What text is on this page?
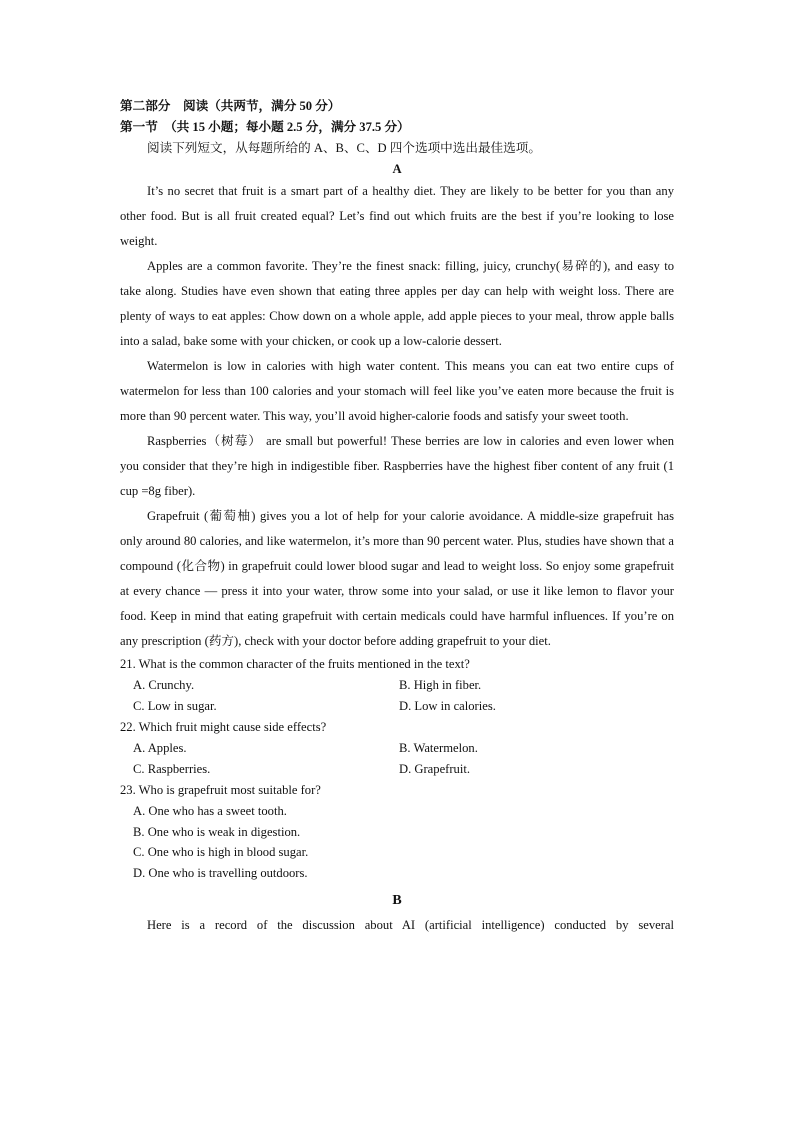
第二部分　阅读（共两节，满分 50 分）
第一节　（共 15 小题；每小题 2.5 分，满分 37.5 分）
阅读下列短文，从每题所给的 A、B、C、D 四个选项中选出最佳选项。

A

It’s no secret that fruit is a smart part of a healthy diet. They are likely to be better for you than any other food. But is all fruit created equal? Let’s find out which fruits are the best if you’re looking to lose weight.

Apples are a common favorite. They’re the finest snack: filling, juicy, crunchy(易碎的), and easy to take along. Studies have even shown that eating three apples per day can help with weight loss. There are plenty of ways to eat apples: Chow down on a whole apple, add apple pieces to your meal, throw apple balls into a salad, bake some with your chicken, or cook up a low-calorie dessert.

Watermelon is low in calories with high water content. This means you can eat two entire cups of watermelon for less than 100 calories and your stomach will feel like you’ve eaten more because the fruit is more than 90 percent water. This way, you’ll avoid higher-calorie foods and satisfy your sweet tooth.

Raspberries（树莓） are small but powerful! These berries are low in calories and even lower when you consider that they’re high in indigestible fiber. Raspberries have the highest fiber content of any fruit (1 cup =8g fiber).

Grapefruit (葡萄柚) gives you a lot of help for your calorie avoidance. A middle-size grapefruit has only around 80 calories, and like watermelon, it’s more than 90 percent water. Plus, studies have shown that a compound (化合物) in grapefruit could lower blood sugar and lead to weight loss. So enjoy some grapefruit at every chance — press it into your water, throw some into your salad, or use it like lemon to flavor your food. Keep in mind that eating grapefruit with certain medicals could have harmful influences. If you’re on any prescription (药方), check with your doctor before adding grapefruit to your diet.

21. What is the common character of the fruits mentioned in the text?
A. Crunchy.	B. High in fiber.
C. Low in sugar.	D. Low in calories.
22. Which fruit might cause side effects?
A. Apples.	B. Watermelon.
C. Raspberries.	D. Grapefruit.
23. Who is grapefruit most suitable for?
A. One who has a sweet tooth.
B. One who is weak in digestion.
C. One who is high in blood sugar.
D. One who is travelling outdoors.

B

Here is a record of the discussion about AI (artificial intelligence) conducted by several
